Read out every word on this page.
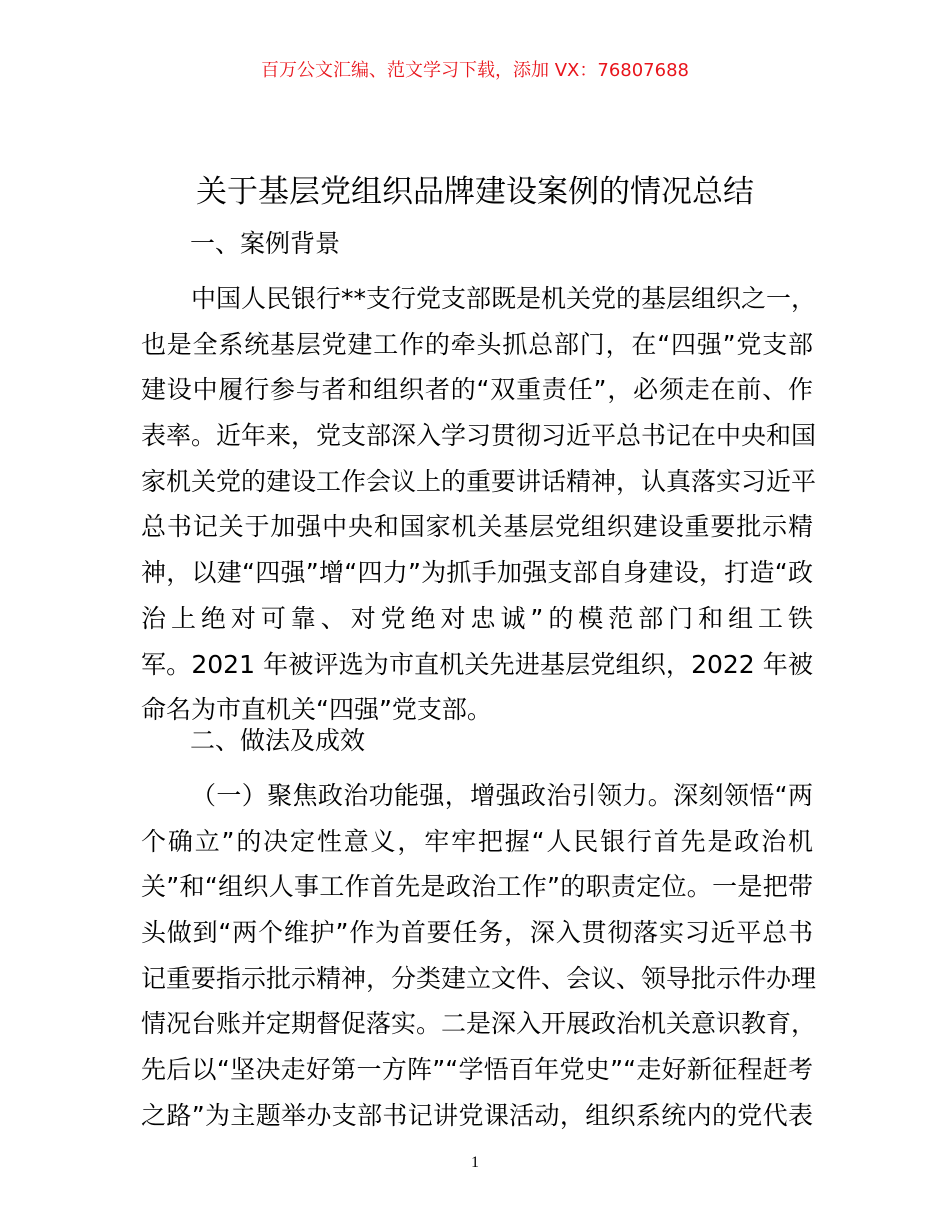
百万公文汇编、范文学习下载，添加 VX：76807688
关于基层党组织品牌建设案例的情况总结
一、案例背景
中国人民银行**支行党支部既是机关党的基层组织之一，
也是全系统基层党建工作的牵头抓总部门，在“四强”党支部
建设中履行参与者和组织者的“双重责任”，必须走在前、作
表率。近年来，党支部深入学习贯彻习近平总书记在中央和国
家机关党的建设工作会议上的重要讲话精神，认真落实习近平
总书记关于加强中央和国家机关基层党组织建设重要批示精
神，以建“四强”增“四力”为抓手加强支部自身建设，打造“政
治上绝对可靠、对党绝对忠诚”的模范部门和组工铁
军。2021 年被评选为市直机关先进基层党组织，2022 年被
命名为市直机关“四强”党支部。
二、做法及成效
（一）聚焦政治功能强，增强政治引领力。深刻领悟“两
个确立”的决定性意义，牢牢把握“人民银行首先是政治机
关”和“组织人事工作首先是政治工作”的职责定位。一是把带
头做到“两个维护”作为首要任务，深入贯彻落实习近平总书
记重要指示批示精神，分类建立文件、会议、领导批示件办理
情况台账并定期督促落实。二是深入开展政治机关意识教育，
先后以“坚决走好第一方阵”“学悟百年党史”“走好新征程赶考
之路”为主题举办支部书记讲党课活动，组织系统内的党代表
1
